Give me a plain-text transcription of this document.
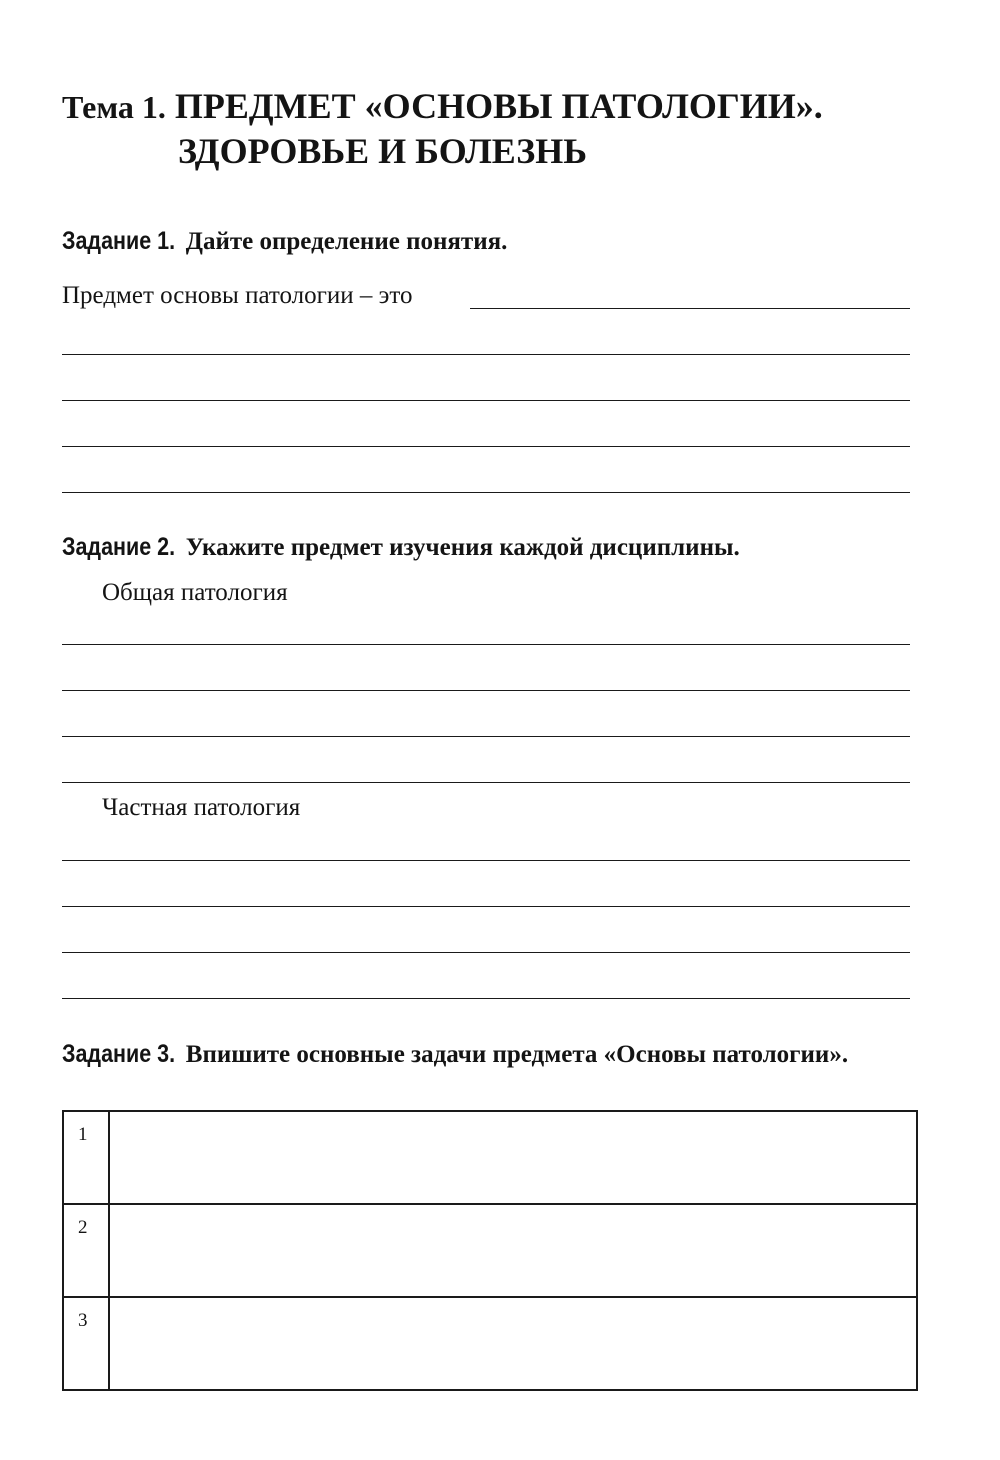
Тема 1. ПРЕДМЕТ «ОСНОВЫ ПАТОЛОГИИ».
ЗДОРОВЬЕ И БОЛЕЗНЬ
Задание 1. Дайте определение понятия.
Предмет основы патологии – это
Задание 2. Укажите предмет изучения каждой дисциплины.
Общая патология
Частная патология
Задание 3. Впишите основные задачи предмета «Основы патологии».
1	
2	
3	
